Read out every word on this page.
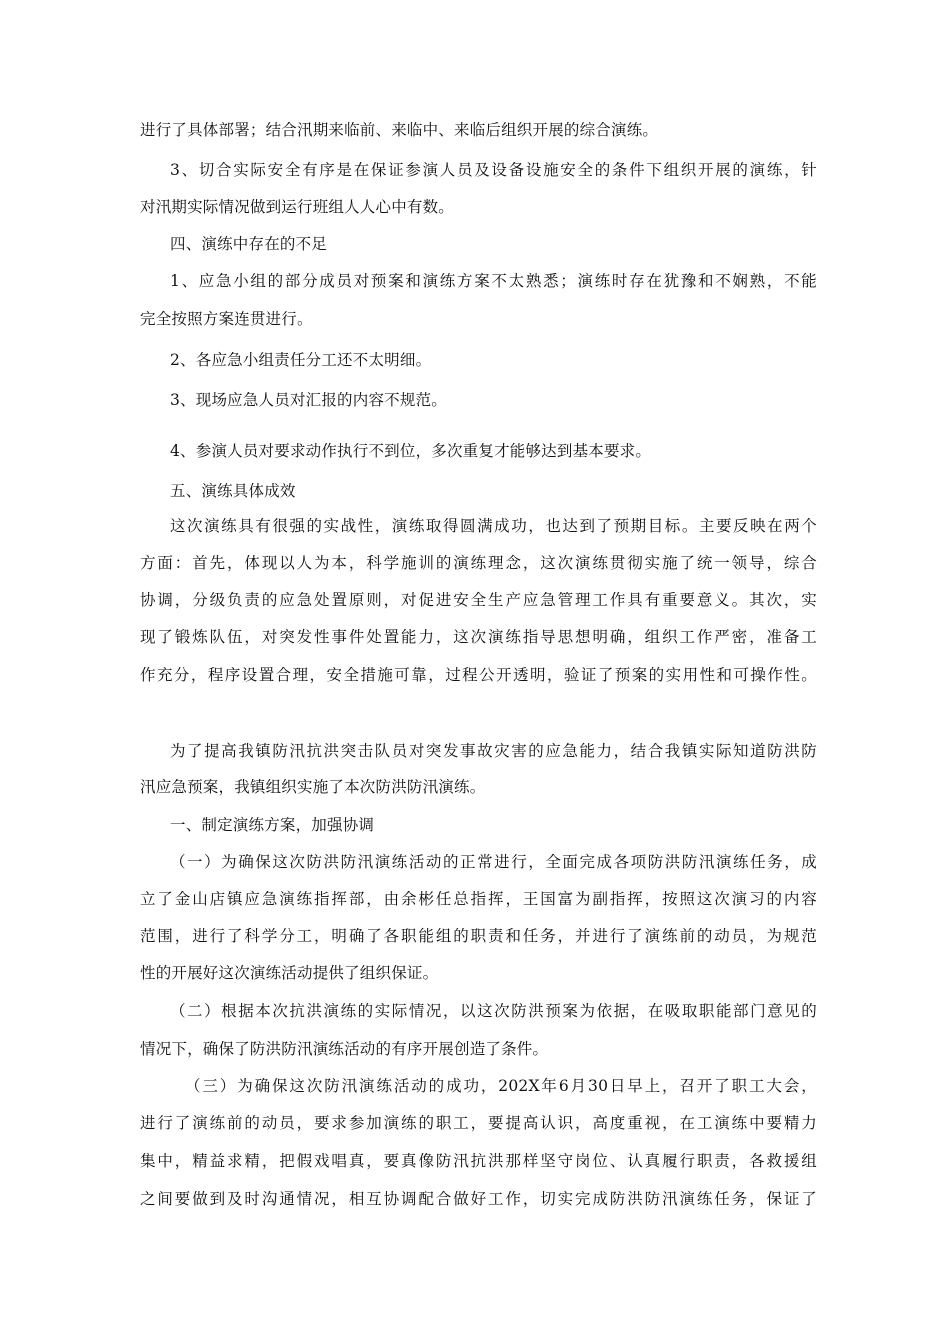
进行了具体部署；结合汛期来临前、来临中、来临后组织开展的综合演练。
3、切合实际安全有序是在保证参演人员及设备设施安全的条件下组织开展的演练，针
对汛期实际情况做到运行班组人人心中有数。
四、演练中存在的不足
1、应急小组的部分成员对预案和演练方案不太熟悉；演练时存在犹豫和不娴熟，不能
完全按照方案连贯进行。
2、各应急小组责任分工还不太明细。
3、现场应急人员对汇报的内容不规范。
4、参演人员对要求动作执行不到位，多次重复才能够达到基本要求。
五、演练具体成效
这次演练具有很强的实战性，演练取得圆满成功，也达到了预期目标。主要反映在两个
方面：首先，体现以人为本，科学施训的演练理念，这次演练贯彻实施了统一领导，综合
协调，分级负责的应急处置原则，对促进安全生产应急管理工作具有重要意义。其次，实
现了锻炼队伍，对突发性事件处置能力，这次演练指导思想明确，组织工作严密，准备工
作充分，程序设置合理，安全措施可靠，过程公开透明，验证了预案的实用性和可操作性。
为了提高我镇防汛抗洪突击队员对突发事故灾害的应急能力，结合我镇实际知道防洪防
汛应急预案，我镇组织实施了本次防洪防汛演练。
一、制定演练方案，加强协调
（一）为确保这次防洪防汛演练活动的正常进行，全面完成各项防洪防汛演练任务，成
立了金山店镇应急演练指挥部，由余彬任总指挥，王国富为副指挥，按照这次演习的内容
范围，进行了科学分工，明确了各职能组的职责和任务，并进行了演练前的动员，为规范
性的开展好这次演练活动提供了组织保证。
（二）根据本次抗洪演练的实际情况，以这次防洪预案为依据，在吸取职能部门意见的
情况下，确保了防洪防汛演练活动的有序开展创造了条件。
（三）为确保这次防汛演练活动的成功，202X年6月30日早上，召开了职工大会，
进行了演练前的动员，要求参加演练的职工，要提高认识，高度重视，在工演练中要精力
集中，精益求精，把假戏唱真，要真像防汛抗洪那样坚守岗位、认真履行职责，各救援组
之间要做到及时沟通情况，相互协调配合做好工作，切实完成防洪防汛演练任务，保证了
